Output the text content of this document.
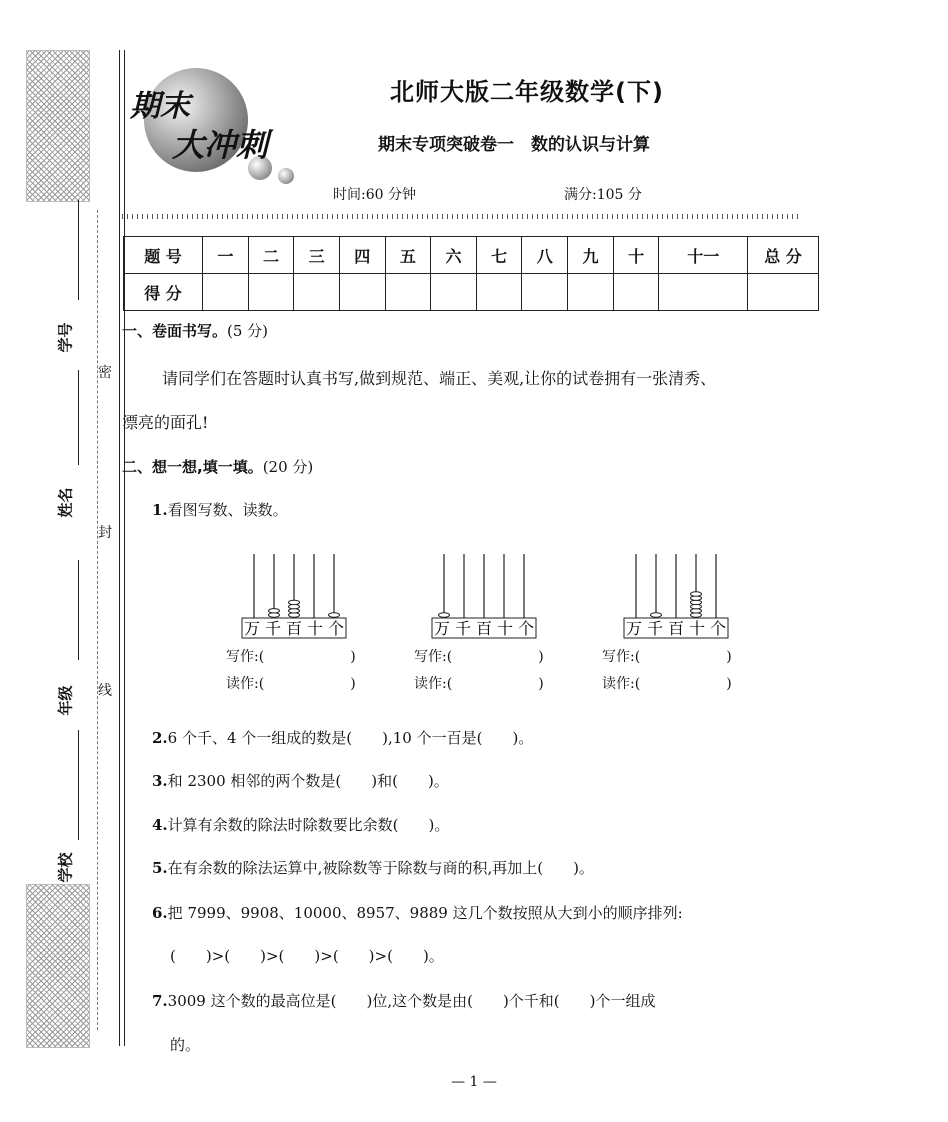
学号
姓名
年级
学校
密
封
线
期末
大冲刺
北师大版二年级数学(下)
期末专项突破卷一　数的认识与计算
时间:60 分钟	满分:105 分
题 号	一	二	三	四	五	六	七	八	九	十	十一	总 分
得 分												
一、卷面书写。(5 分)
请同学们在答题时认真书写,做到规范、端正、美观,让你的试卷拥有一张清秀、
漂亮的面孔!
二、想一想,填一填。(20 分)
1.看图写数、读数。
万千百十个	万千百十个	万千百十个
写作:(	)
读作:(	)
写作:(	)
读作:(	)
写作:(	)
读作:(	)
2.6 个千、4 个一组成的数是(　　),10 个一百是(　　)。
3.和 2300 相邻的两个数是(　　)和(　　)。
4.计算有余数的除法时除数要比余数(　　)。
5.在有余数的除法运算中,被除数等于除数与商的积,再加上(　　)。
6.把 7999、9908、10000、8957、9889 这几个数按照从大到小的顺序排列:
(　　)>(　　)>(　　)>(　　)>(　　)。
7.3009 这个数的最高位是(　　)位,这个数是由(　　)个千和(　　)个一组成
的。
— 1 —
